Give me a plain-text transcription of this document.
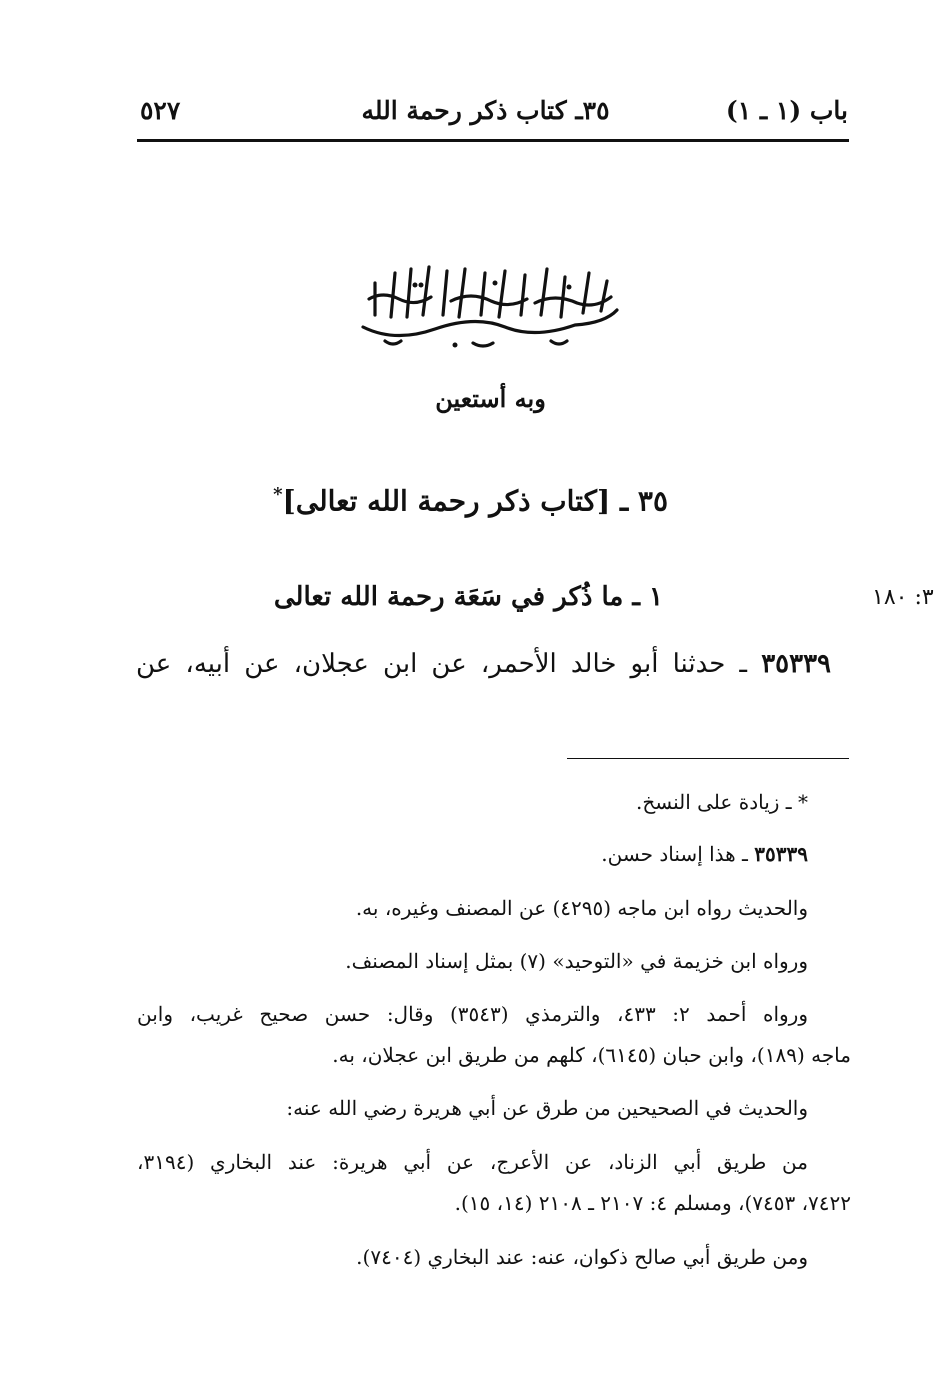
باب (١ ـ ١)
٣٥ـ كتاب ذكر رحمة الله
٥٢٧
وبه أستعين
٣٥ ـ [كتاب ذكر رحمة الله تعالى]*
١ ـ ما ذُكر في سَعَة رحمة الله تعالى	٣: ١٨٠
٣٥٣٣٩ ـ حدثنا أبو خالد الأحمر، عن ابن عجلان، عن أبيه، عن
* ـ زيادة على النسخ.
٣٥٣٣٩ ـ هذا إسناد حسن.
والحديث رواه ابن ماجه (٤٢٩٥) عن المصنف وغيره، به.
ورواه ابن خزيمة في «التوحيد» (٧) بمثل إسناد المصنف.
ورواه أحمد ٢: ٤٣٣، والترمذي (٣٥٤٣) وقال: حسن صحيح غريب، وابن
ماجه (١٨٩)، وابن حبان (٦١٤٥)، كلهم من طريق ابن عجلان، به.
والحديث في الصحيحين من طرق عن أبي هريرة رضي الله عنه:
من طريق أبي الزناد، عن الأعرج، عن أبي هريرة: عند البخاري (٣١٩٤،
٧٤٢٢، ٧٤٥٣)، ومسلم ٤: ٢١٠٧ ـ ٢١٠٨ (١٤، ١٥).
ومن طريق أبي صالح ذكوان، عنه: عند البخاري (٧٤٠٤).
